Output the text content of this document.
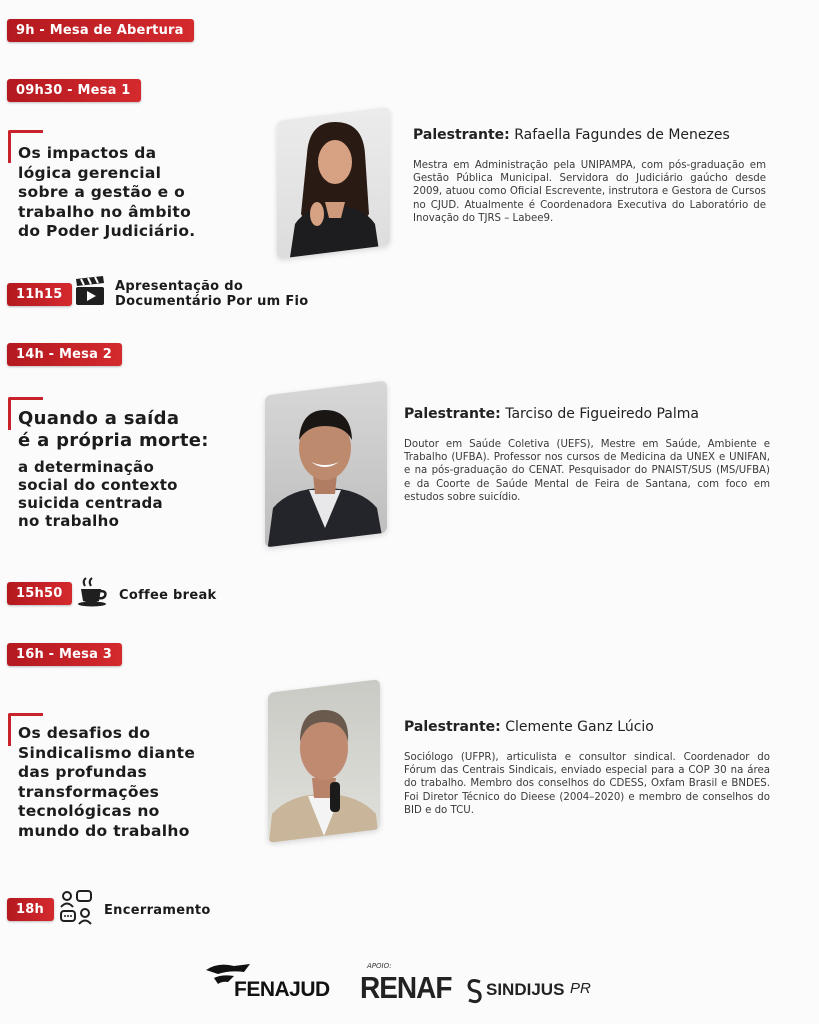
9h - Mesa de Abertura
09h30 - Mesa 1
Os impactos da
lógica gerencial
sobre a gestão e o
trabalho no âmbito
do Poder Judiciário.
Palestrante: Rafaella Fagundes de Menezes
Mestra em Administração pela UNIPAMPA, com pós-graduação em Gestão Pública Municipal. Servidora do Judiciário gaúcho desde 2009, atuou como Oficial Escrevente, instrutora e Gestora de Cursos no CJUD. Atualmente é Coordenadora Executiva do Laboratório de Inovação do TJRS – Labee9.
11h15
Apresentação do
Documentário Por um Fio
14h - Mesa 2
Quando a saída
é a própria morte:
a determinação
social do contexto
suicida centrada
no trabalho
Palestrante: Tarciso de Figueiredo Palma
Doutor em Saúde Coletiva (UEFS), Mestre em Saúde, Ambiente e Trabalho (UFBA). Professor nos cursos de Medicina da UNEX e UNIFAN, e na pós-graduação do CENAT. Pesquisador do PNAIST/SUS (MS/UFBA) e da Coorte de Saúde Mental de Feira de Santana, com foco em estudos sobre suicídio.
15h50	Coffee break
16h - Mesa 3
Os desafios do
Sindicalismo diante
das profundas
transformações
tecnológicas no
mundo do trabalho
Palestrante: Clemente Ganz Lúcio
Sociólogo (UFPR), articulista e consultor sindical. Coordenador do Fórum das Centrais Sindicais, enviado especial para a COP 30 na área do trabalho. Membro dos conselhos do CDESS, Oxfam Brasil e BNDES. Foi Diretor Técnico do Dieese (2004–2020) e membro de conselhos do BID e do TCU.
18h	Encerramento
FENAJUD
APOIO:
RENAF SINDIJUS PR
